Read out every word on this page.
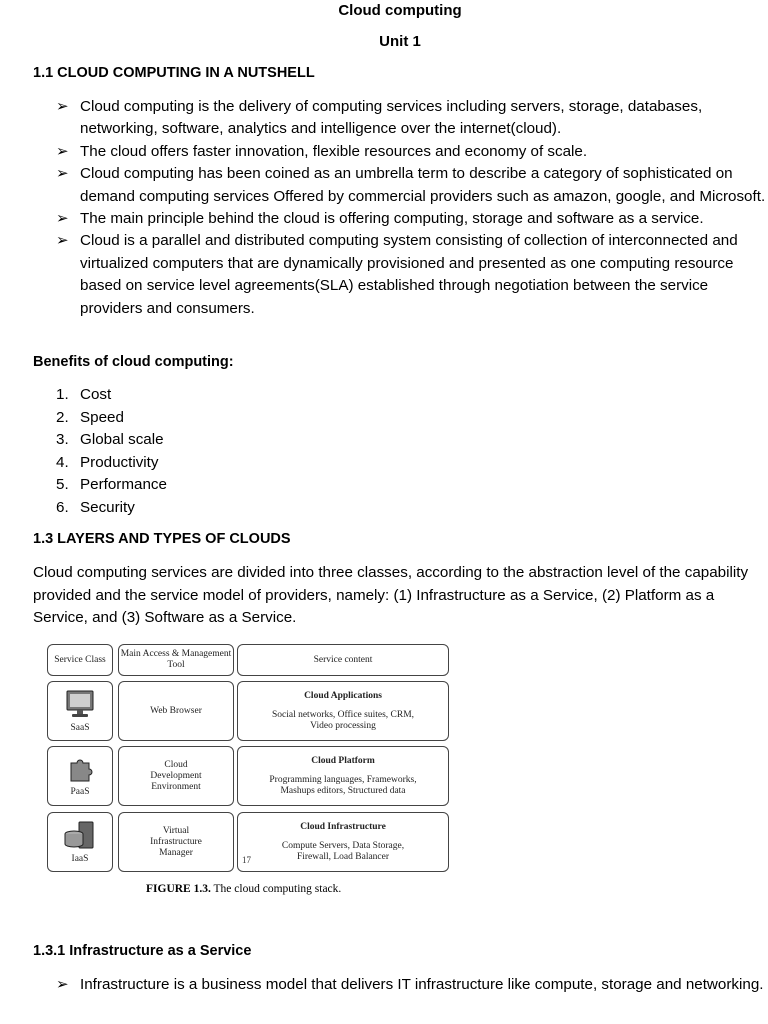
Cloud computing
Unit 1
1.1 CLOUD COMPUTING IN A NUTSHELL
➢ Cloud computing is the delivery of computing services including servers, storage, databases, networking, software, analytics and intelligence over the internet(cloud).
➢ The cloud offers faster innovation, flexible resources and economy of scale.
➢ Cloud computing has been coined as an umbrella term to describe a category of sophisticated on demand computing services Offered by commercial providers such as amazon, google, and Microsoft.
➢ The main principle behind the cloud is offering computing, storage and software as a service.
➢ Cloud is a parallel and distributed computing system consisting of collection of interconnected and virtualized computers that are dynamically provisioned and presented as one computing resource based on service level agreements(SLA) established through negotiation between the service providers and consumers.
Benefits of cloud computing:
1. Cost
2. Speed
3. Global scale
4. Productivity
5. Performance
6. Security
1.3 LAYERS AND TYPES OF CLOUDS
Cloud computing services are divided into three classes, according to the abstraction level of the capability provided and the service model of providers, namely: (1) Infrastructure as a Service, (2) Platform as a Service, and (3) Software as a Service.
Service Class
Main Access & Management Tool
Service content
SaaS
Web Browser
Cloud Applications
Social networks, Office suites, CRM, Video processing
PaaS
Cloud Development Environment
Cloud Platform
Programming languages, Frameworks, Mashups editors, Structured data
IaaS
Virtual Infrastructure Manager
Cloud Infrastructure
Compute Servers, Data Storage, Firewall, Load Balancer
17
FIGURE 1.3. The cloud computing stack.
1.3.1 Infrastructure as a Service
➢ Infrastructure is a business model that delivers IT infrastructure like compute, storage and networking.
